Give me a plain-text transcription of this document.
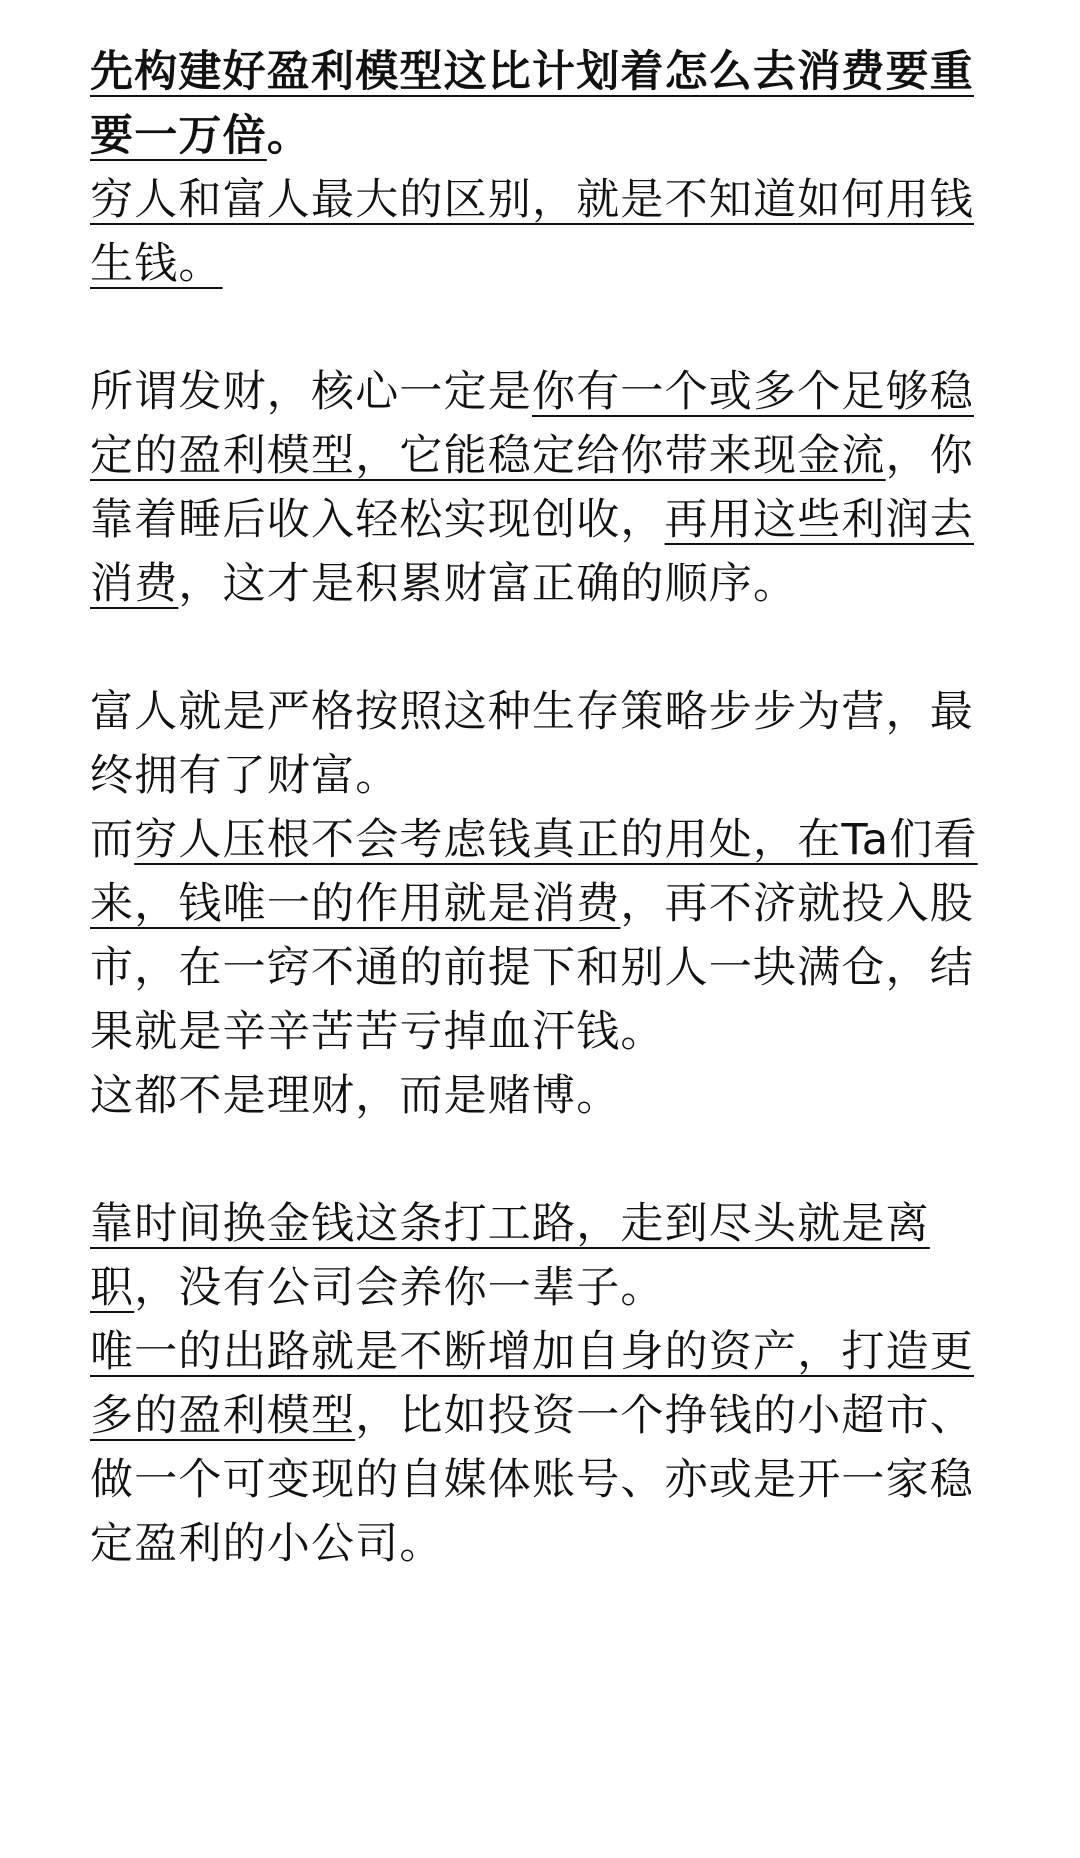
先构建好盈利模型这比计划着怎么去消费要重
要一万倍。
穷人和富人最大的区别，就是不知道如何用钱
生钱。
所谓发财，核心一定是你有一个或多个足够稳
定的盈利模型，它能稳定给你带来现金流，你
靠着睡后收入轻松实现创收，再用这些利润去
消费，这才是积累财富正确的顺序。
富人就是严格按照这种生存策略步步为营，最
终拥有了财富。
而穷人压根不会考虑钱真正的用处，在Ta们看
来，钱唯一的作用就是消费，再不济就投入股
市，在一窍不通的前提下和别人一块满仓，结
果就是辛辛苦苦亏掉血汗钱。
这都不是理财，而是赌博。
靠时间换金钱这条打工路，走到尽头就是离
职，没有公司会养你一辈子。
唯一的出路就是不断增加自身的资产，打造更
多的盈利模型，比如投资一个挣钱的小超市、
做一个可变现的自媒体账号、亦或是开一家稳
定盈利的小公司。
